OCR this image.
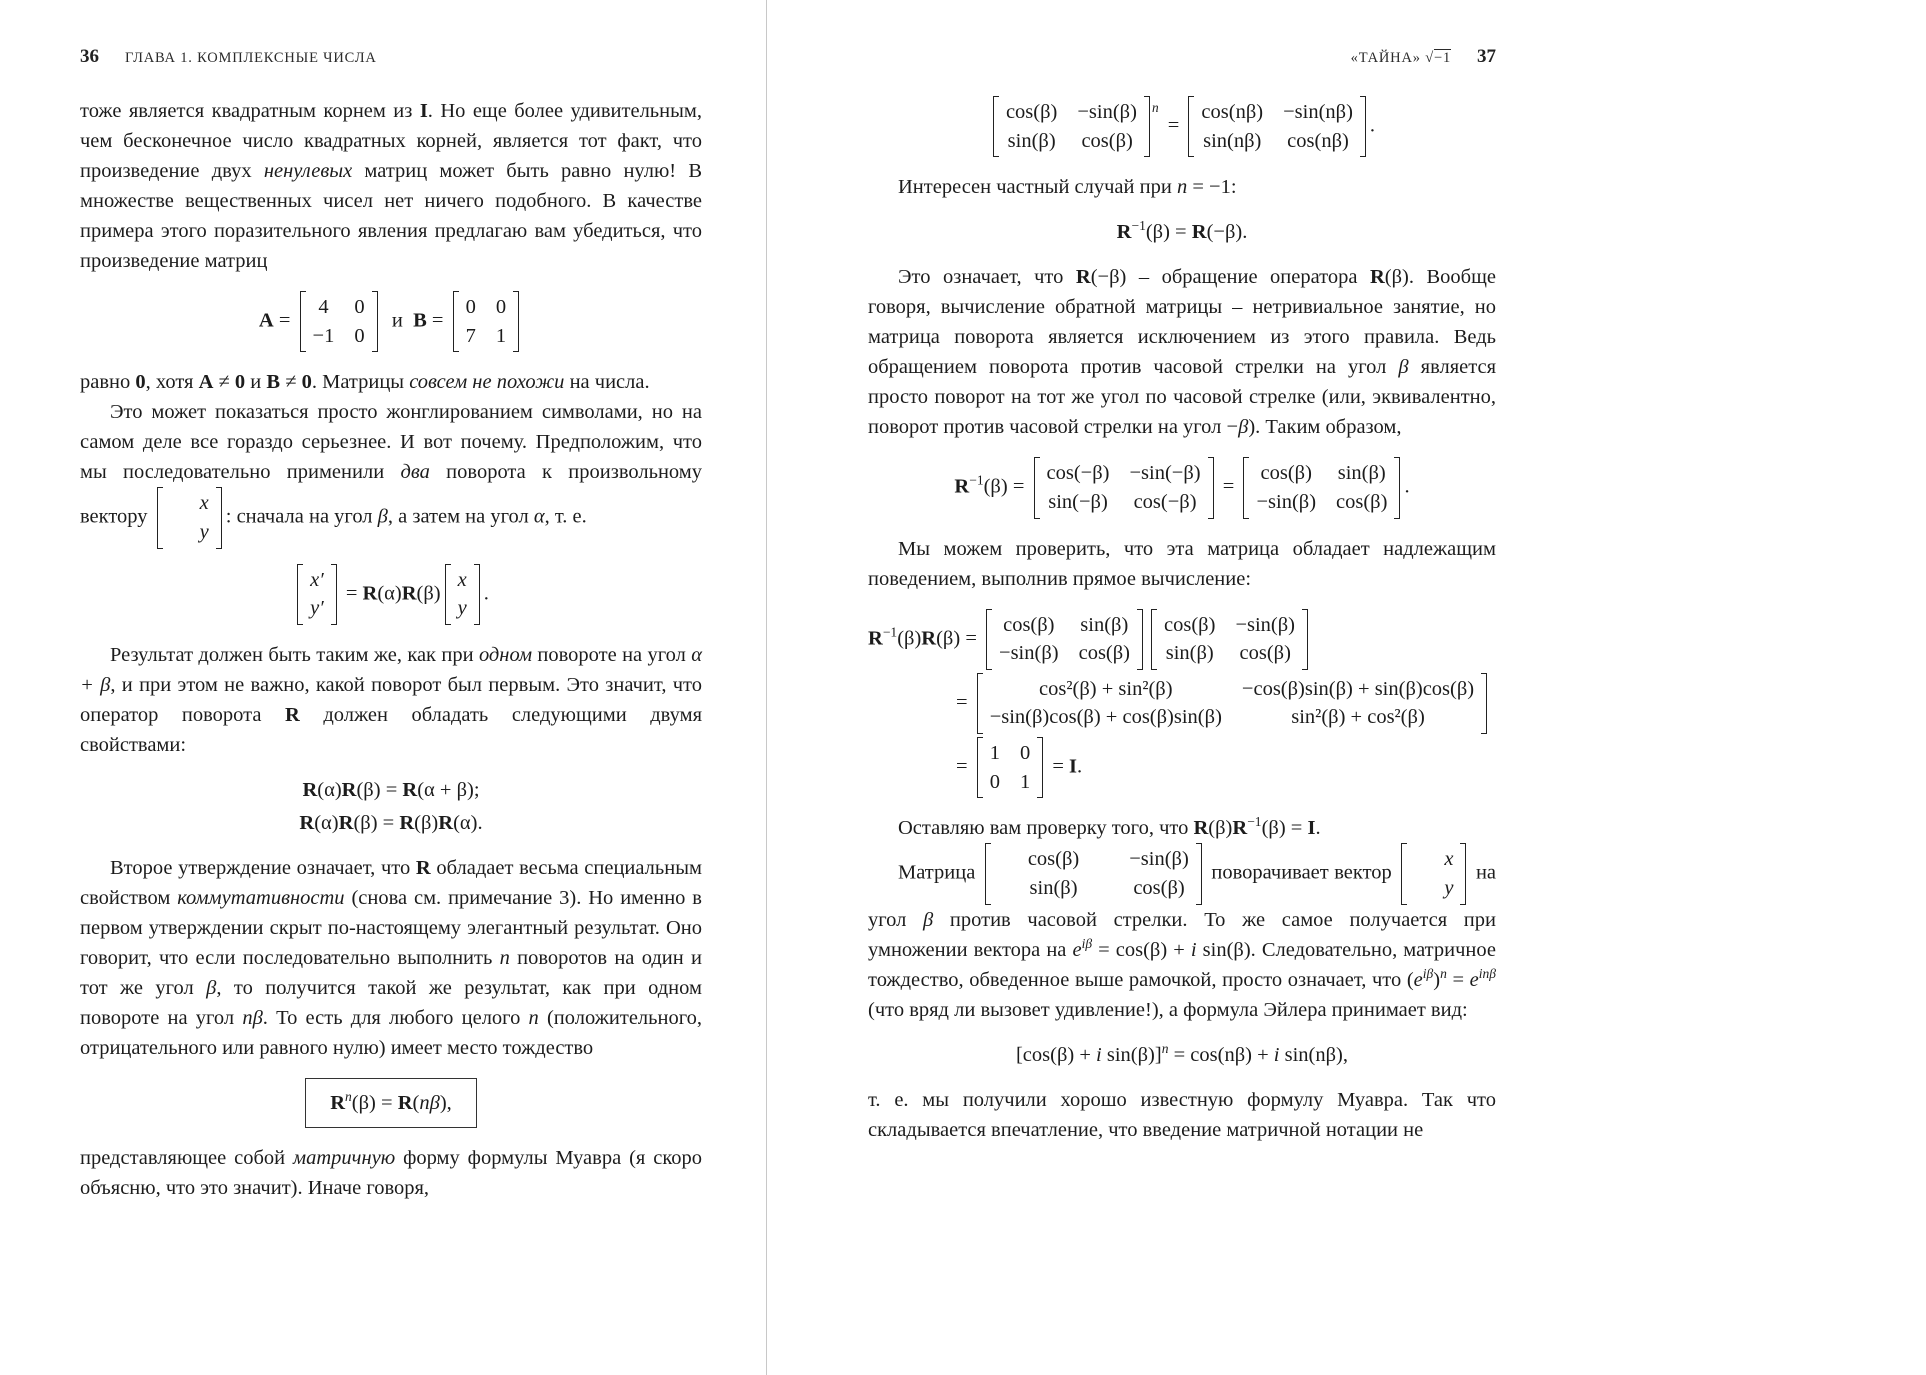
36 ГЛАВА 1. КОМПЛЕКСНЫЕ ЧИСЛА
тоже является квадратным корнем из I. Но еще более удивительным, чем бесконечное число квадратных корней, является тот факт, что произведение двух ненулевых матриц может быть равно нулю! В множестве вещественных чисел нет ничего подобного. В качестве примера этого поразительного явления предлагаю вам убедиться, что произведение матриц
A =
4 0
−1 0
и  B =
0 0
7 1
равно 0, хотя A ≠ 0 и B ≠ 0. Матрицы совсем не похожи на числа.
Это может показаться просто жонглированием символами, но на самом деле все гораздо серьезнее. И вот почему. Предположим, что мы последовательно применили два поворота к произвольному вектору
x
y
: сначала на угол β, а затем на угол α, т. е.
x′
y′
= R(α)R(β)
x
y
.
Результат должен быть таким же, как при одном повороте на угол α + β, и при этом не важно, какой поворот был первым. Это значит, что оператор поворота R должен обладать следующими двумя свойствами:
R(α)R(β) = R(α + β);
R(α)R(β) = R(β)R(α).
Второе утверждение означает, что R обладает весьма специальным свойством коммутативности (снова см. примечание 3). Но именно в первом утверждении скрыт по-настоящему элегантный результат. Оно говорит, что если последовательно выполнить n поворотов на один и тот же угол β, то получится такой же результат, как при одном повороте на угол nβ. То есть для любого целого n (положительного, отрицательного или равного нулю) имеет место тождество
$R^n(\beta) = R(n\beta)$,
представляющее собой матричную форму формулы Муавра (я скоро объясню, что это значит). Иначе говоря,
«ТАЙНА» √−1 37
cos(β) −sin(β)
sin(β) cos(β)
n
=
cos(nβ) −sin(nβ)
sin(nβ) cos(nβ)
.
Интересен частный случай при n = −1:
$R^{-1}(\beta) = R(-\beta)$.
Это означает, что R(−β) – обращение оператора R(β). Вообще говоря, вычисление обратной матрицы – нетривиальное занятие, но матрица поворота является исключением из этого правила. Ведь обращением поворота против часовой стрелки на угол β является просто поворот на тот же угол по часовой стрелке (или, эквивалентно, поворот против часовой стрелки на угол −β). Таким образом,
$R^{-1}(\beta)$ =
cos(−β) −sin(−β)
sin(−β) cos(−β)
=
cos(β) sin(β)
−sin(β) cos(β)
.
Мы можем проверить, что эта матрица обладает надлежащим поведением, выполнив прямое вычисление:
$R^{-1}(\beta)R(\beta)$ =
cos(β) sin(β)
−sin(β) cos(β)
cos(β) −sin(β)
sin(β) cos(β)
=
cos²(β) + sin²(β)	−cos(β)sin(β) + sin(β)cos(β)
−sin(β)cos(β) + cos(β)sin(β)	sin²(β) + cos²(β)
=
1 0
0 1
= I.
Оставляю вам проверку того, что $R(\beta)R^{-1}(\beta) = I$.
Матрица
cos(β)	−sin(β)
sin(β)	cos(β)
поворачивает вектор
x
y
на угол β против часовой стрелки. То же самое получается при умножении вектора на $e^{i\beta} = \cos(\beta) + i$ sin(β). Следовательно, матричное тождество, обведенное выше рамочкой, просто означает, что $(e^{i\beta})^n = e^{in\beta}$ (что вряд ли вызовет удивление!), а формула Эйлера принимает вид:
[cos(β) + i sin(β)]$^n$ = cos(nβ) + i sin(nβ),
т. е. мы получили хорошо известную формулу Муавра. Так что складывается впечатление, что введение матричной нотации не
